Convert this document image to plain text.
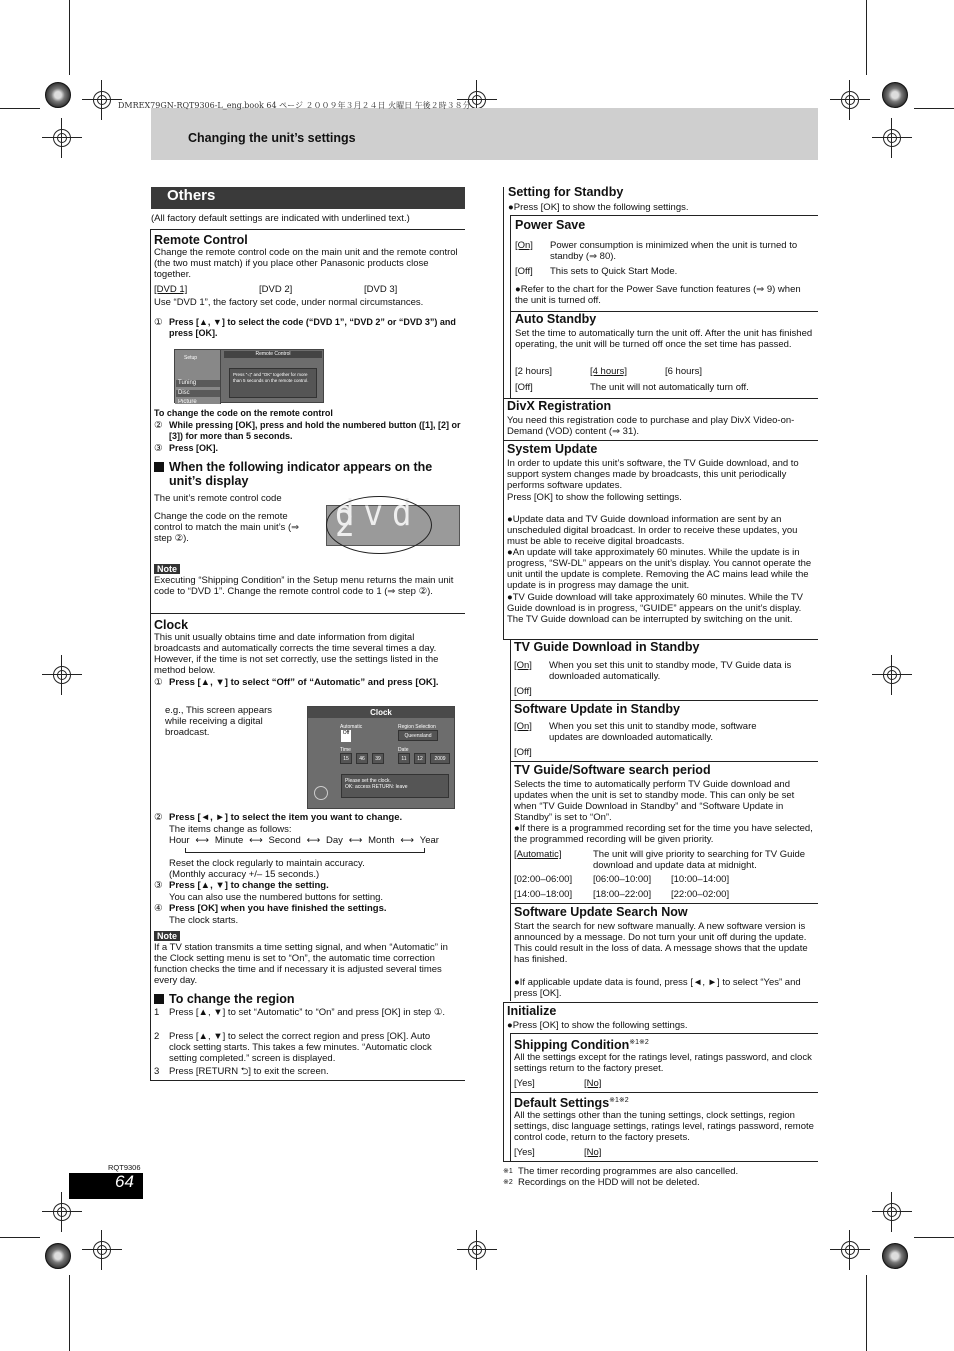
DMREX79GN-RQT9306-L_eng.book 64 ページ ２００９年３月２４日 火曜日 午後２時３８分
Changing the unit’s settings
Others
(All factory default settings are indicated with underlined text.)
Remote Control

Change the remote control code on the main unit and the remote control (the two must match) if you place other Panasonic products close together.

[DVD 1]	[DVD 2]	[DVD 3]

Use “DVD 1”, the factory set code, under normal circumstances.

① Press [▲, ▼] to select the code (“DVD 1”, “DVD 2” or “DVD 3”) and press [OK].
Setup
Tuning
Disc
Picture
Remote Control
Press “◁” and “OK” together for more than 5 seconds on the remote control.
To change the code on the remote control
② While pressing [OK], press and hold the numbered button ([1], [2] or [3]) for more than 5 seconds.
③ Press [OK].
When the following indicator appears on the unit’s display
The unit’s remote control code
Change the code on the remote control to match the main unit’s (⇒ step ②).
dvd 2
Note
Executing “Shipping Condition” in the Setup menu returns the main unit code to “DVD 1”. Change the remote control code to 1 (⇒ step ②).
Clock

This unit usually obtains time and date information from digital broadcasts and automatically corrects the time several times a day. However, if the time is not set correctly, use the settings listed in the method below.

① Press [▲, ▼] to select “Off” of “Automatic” and press [OK].
e.g., This screen appears while receiving a digital broadcast.
Clock
Automatic
Off
Region Selection
Queensland
Time
15	46	39
Date
11	12	2009
Please set the clock.
OK: access RETURN: leave
② Press [◄, ►] to select the item you want to change.
The items change as follows:
Hour ⟷ Minute ⟷ Second ⟷ Day ⟷ Month ⟷ Year
Reset the clock regularly to maintain accuracy.
(Monthly accuracy +/– 15 seconds.)
③ Press [▲, ▼] to change the setting.
You can also use the numbered buttons for setting.
④ Press [OK] when you have finished the settings.
The clock starts.
Note
If a TV station transmits a time setting signal, and when “Automatic” in the Clock setting menu is set to “On”, the automatic time correction function checks the time and if necessary it is adjusted several times every day.
To change the region
1 Press [▲, ▼] to set “Automatic” to “On” and press [OK] in step ①.
2 Press [▲, ▼] to select the correct region and press [OK]. Auto clock setting starts. This takes a few minutes. “Automatic clock setting completed.” screen is displayed.
3 Press [RETURN ⮌] to exit the screen.
Setting for Standby
●Press [OK] to show the following settings.
Power Save
[On] Power consumption is minimized when the unit is turned to standby (⇒ 80).
[Off] This sets to Quick Start Mode.
●Refer to the chart for the Power Save function features (⇒ 9) when the unit is turned off.
Auto Standby
Set the time to automatically turn the unit off. After the unit has finished operating, the unit will be turned off once the set time has passed.
[2 hours]	[4 hours]	[6 hours]
[Off]	The unit will not automatically turn off.
DivX Registration
You need this registration code to purchase and play DivX Video-on-Demand (VOD) content (⇒ 31).
System Update
In order to update this unit’s software, the TV Guide download, and to support system changes made by broadcasts, this unit periodically performs software updates.
Press [OK] to show the following settings.
●Update data and TV Guide download information are sent by an unscheduled digital broadcast. In order to receive these updates, you must be able to receive digital broadcasts.
●An update will take approximately 60 minutes. While the update is in progress, “SW-DL” appears on the unit’s display. You cannot operate the unit until the update is complete. Removing the AC mains lead while the update is in progress may damage the unit.
●TV Guide download will take approximately 60 minutes. While the TV Guide download is in progress, “GUIDE” appears on the unit’s display. The TV Guide download can be interrupted by switching on the unit.
TV Guide Download in Standby
[On] When you set this unit to standby mode, TV Guide data is downloaded automatically.
[Off]
Software Update in Standby
[On] When you set this unit to standby mode, software updates are downloaded automatically.
[Off]
TV Guide/Software search period
Selects the time to automatically perform TV Guide download and updates when the unit is set to standby mode. This can only be set when “TV Guide Download in Standby” and “Software Update in Standby” is set to “On”.
●If there is a programmed recording set for the time you have selected, the programmed recording will be given priority.
[Automatic]	The unit will give priority to searching for TV Guide download and update data at midnight.
[02:00–06:00] [06:00–10:00] [10:00–14:00]
[14:00–18:00] [18:00–22:00] [22:00–02:00]
Software Update Search Now
Start the search for new software manually. A new software version is announced by a message. Do not turn your unit off during the update. This could result in the loss of data. A message shows that the update has finished.
●If applicable update data is found, press [◄, ►] to select “Yes” and press [OK].
Initialize
●Press [OK] to show the following settings.
Shipping Condition$^{※1※2}$
All the settings except for the ratings level, ratings password, and clock settings return to the factory preset.
[Yes]	[No]
Default Settings$^{※1※2}$
All the settings other than the tuning settings, clock settings, region settings, disc language settings, ratings level, ratings password, remote control code, return to the factory presets.
[Yes]	[No]
※1 The timer recording programmes are also cancelled.
※2 Recordings on the HDD will not be deleted.
RQT9306
64
